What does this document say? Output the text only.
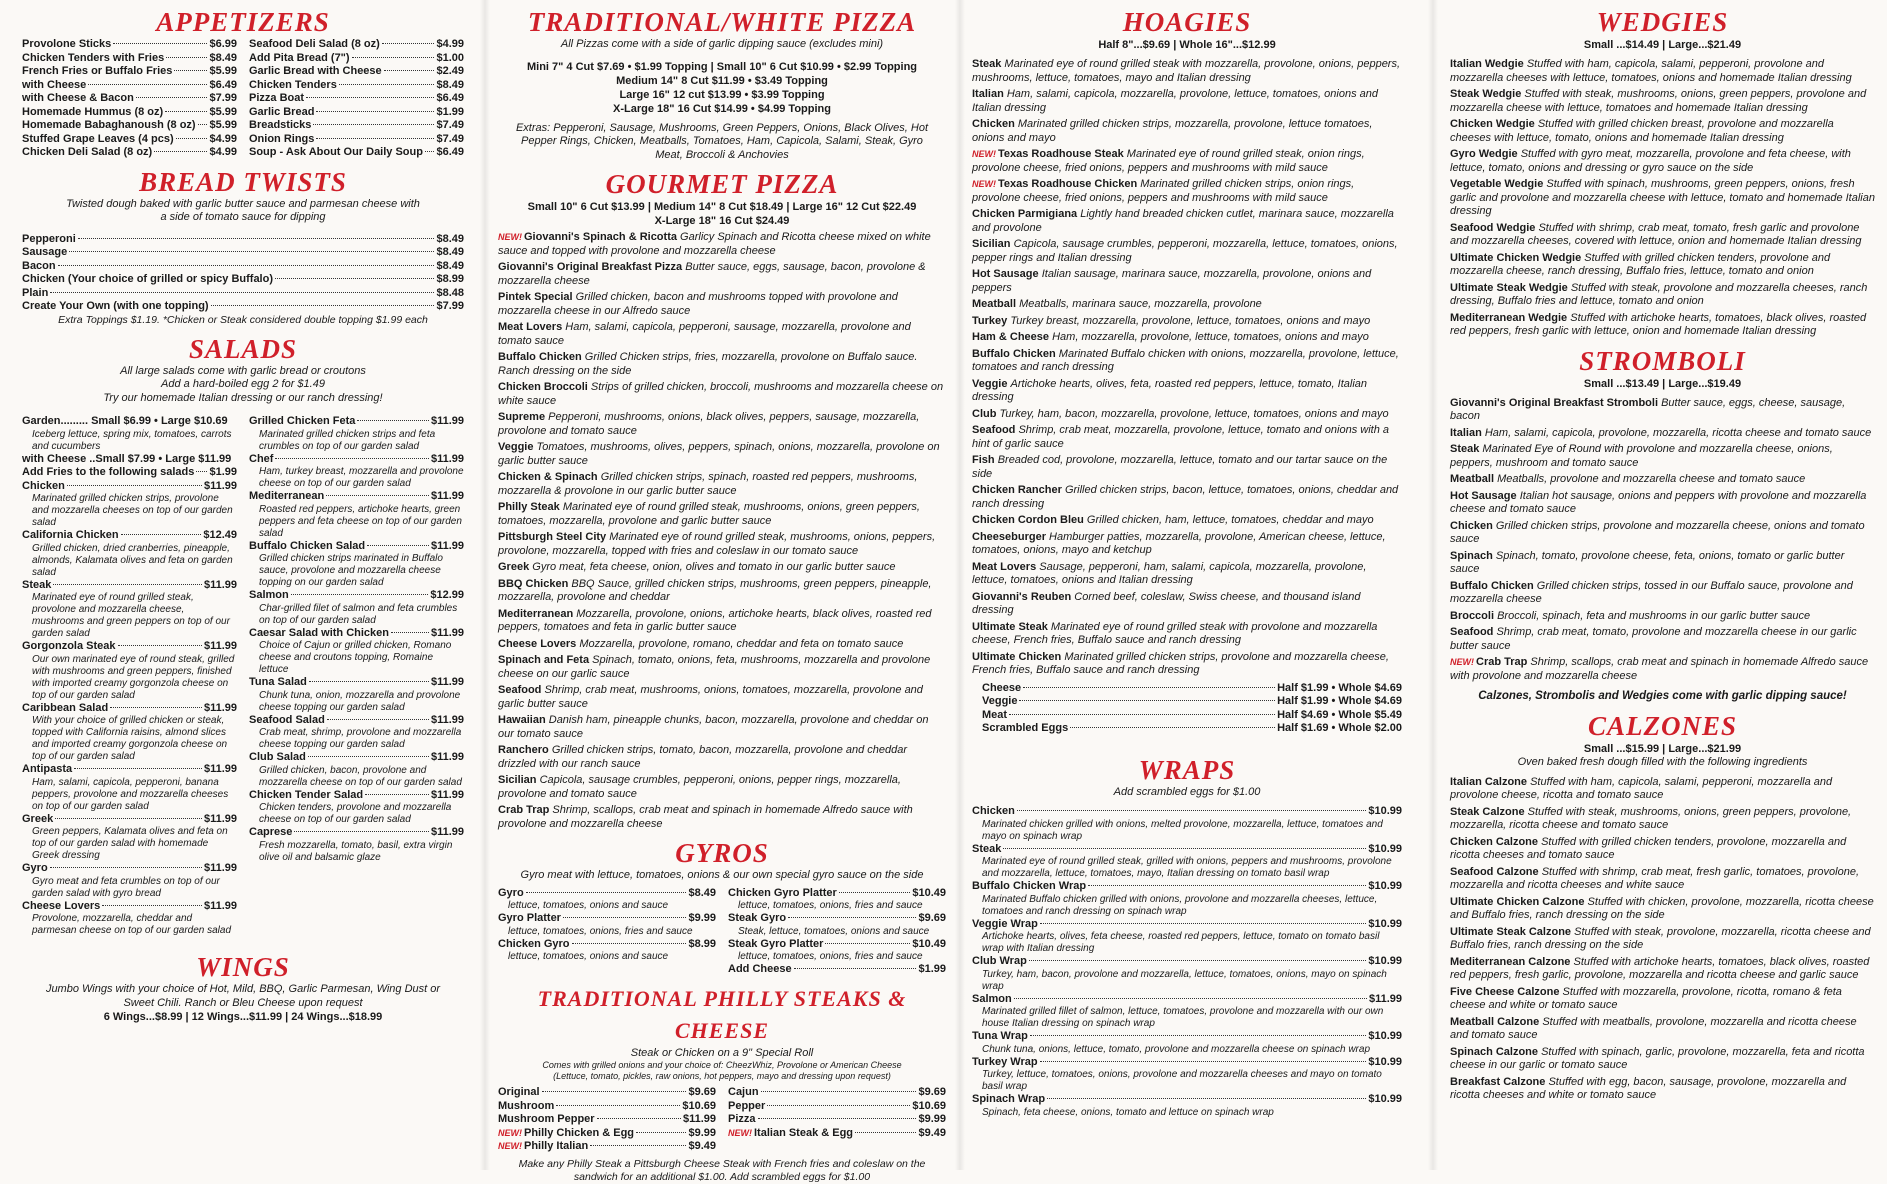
APPETIZERS
Provolone Sticks	$6.99
Chicken Tenders with Fries	$8.49
French Fries or Buffalo Fries	$5.99
with Cheese	$6.49
with Cheese & Bacon	$7.99
Homemade Hummus (8 oz)	$5.99
Homemade Babaghanoush (8 oz) $5.99
Stuffed Grape Leaves (4 pcs)	$4.99
Chicken Deli Salad (8 oz)	$4.99
Seafood Deli Salad (8 oz)	$4.99
Add Pita Bread (7")	$1.00
Garlic Bread with Cheese	$2.49
Chicken Tenders	$8.49
Pizza Boat	$6.49
Garlic Bread	$1.99
Breadsticks	$7.49
Onion Rings	$7.49
Soup - Ask About Our Daily Soup $6.49
BREAD TWISTS
Twisted dough baked with garlic butter sauce and parmesan cheese with a side of tomato sauce for dipping
Pepperoni	$8.49
Sausage	$8.49
Bacon	$8.49
Chicken (Your choice of grilled or spicy Buffalo)	$8.99
Plain	$8.48
Create Your Own (with one topping)	$7.99
Extra Toppings $1.19. *Chicken or Steak considered double topping $1.99 each
SALADS
All large salads come with garlic bread or croutons
Add a hard-boiled egg 2 for $1.49
Try our homemade Italian dressing or our ranch dressing!
Garden......... Small $6.99 • Large $10.69
Iceberg lettuce, spring mix, tomatoes, carrots and cucumbers
with Cheese ..Small $7.99 • Large $11.99
Add Fries to the following salads $1.99
Chicken	$11.99
Marinated grilled chicken strips, provolone and mozzarella cheeses on top of our garden salad
California Chicken	$12.49
Grilled chicken, dried cranberries, pineapple, almonds, Kalamata olives and feta on garden salad
Steak	$11.99
Marinated eye of round grilled steak, provolone and mozzarella cheese, mushrooms and green peppers on top of our garden salad
Gorgonzola Steak	$11.99
Our own marinated eye of round steak, grilled with mushrooms and green peppers, finished with imported creamy gorgonzola cheese on top of our garden salad
Caribbean Salad	$11.99
With your choice of grilled chicken or steak, topped with California raisins, almond slices and imported creamy gorgonzola cheese on top of our garden salad
Antipasta	$11.99
Ham, salami, capicola, pepperoni, banana peppers, provolone and mozzarella cheeses on top of our garden salad
Greek	$11.99
Green peppers, Kalamata olives and feta on top of our garden salad with homemade Greek dressing
Gyro	$11.99
Gyro meat and feta crumbles on top of our garden salad with gyro bread
Cheese Lovers	$11.99
Provolone, mozzarella, cheddar and parmesan cheese on top of our garden salad
Grilled Chicken Feta	$11.99
Marinated grilled chicken strips and feta crumbles on top of our garden salad
Chef	$11.99
Ham, turkey breast, mozzarella and provolone cheese on top of our garden salad
Mediterranean	$11.99
Roasted red peppers, artichoke hearts, green peppers and feta cheese on top of our garden salad
Buffalo Chicken Salad	$11.99
Grilled chicken strips marinated in Buffalo sauce, provolone and mozzarella cheese topping on our garden salad
Salmon	$12.99
Char-grilled filet of salmon and feta crumbles on top of our garden salad
Caesar Salad with Chicken	$11.99
Choice of Cajun or grilled chicken, Romano cheese and croutons topping, Romaine lettuce
Tuna Salad	$11.99
Chunk tuna, onion, mozzarella and provolone cheese topping our garden salad
Seafood Salad	$11.99
Crab meat, shrimp, provolone and mozzarella cheese topping our garden salad
Club Salad	$11.99
Grilled chicken, bacon, provolone and mozzarella cheese on top of our garden salad
Chicken Tender Salad	$11.99
Chicken tenders, provolone and mozzarella cheese on top of our garden salad
Caprese	$11.99
Fresh mozzarella, tomato, basil, extra virgin olive oil and balsamic glaze
WINGS
Jumbo Wings with your choice of Hot, Mild, BBQ, Garlic Parmesan, Wing Dust or Sweet Chili. Ranch or Bleu Cheese upon request
6 Wings...$8.99 | 12 Wings...$11.99 | 24 Wings...$18.99
TRADITIONAL/WHITE PIZZA
All Pizzas come with a side of garlic dipping sauce (excludes mini)
Mini 7" 4 Cut $7.69 • $1.99 Topping | Small 10" 6 Cut $10.99 • $2.99 Topping
Medium 14" 8 Cut $11.99 • $3.49 Topping
Large 16" 12 cut $13.99 • $3.99 Topping
X-Large 18" 16 Cut $14.99 • $4.99 Topping
Extras: Pepperoni, Sausage, Mushrooms, Green Peppers, Onions, Black Olives, Hot Pepper Rings, Chicken, Meatballs, Tomatoes, Ham, Capicola, Salami, Steak, Gyro Meat, Broccoli & Anchovies
GOURMET PIZZA
Small 10" 6 Cut $13.99 | Medium 14" 8 Cut $18.49 | Large 16" 12 Cut $22.49
X-Large 18" 16 Cut $24.49
NEW! Giovanni's Spinach & Ricotta Garlicy Spinach and Ricotta cheese mixed on white sauce and topped with provolone and mozzarella cheese
Giovanni's Original Breakfast Pizza Butter sauce, eggs, sausage, bacon, provolone & mozzarella cheese
Pintek Special Grilled chicken, bacon and mushrooms topped with provolone and mozzarella cheese in our Alfredo sauce
Meat Lovers Ham, salami, capicola, pepperoni, sausage, mozzarella, provolone and tomato sauce
Buffalo Chicken Grilled Chicken strips, fries, mozzarella, provolone on Buffalo sauce. Ranch dressing on the side
Chicken Broccoli Strips of grilled chicken, broccoli, mushrooms and mozzarella cheese on white sauce
Supreme Pepperoni, mushrooms, onions, black olives, peppers, sausage, mozzarella, provolone and tomato sauce
Veggie Tomatoes, mushrooms, olives, peppers, spinach, onions, mozzarella, provolone on garlic butter sauce
Chicken & Spinach Grilled chicken strips, spinach, roasted red peppers, mushrooms, mozzarella & provolone in our garlic butter sauce
Philly Steak Marinated eye of round grilled steak, mushrooms, onions, green peppers, tomatoes, mozzarella, provolone and garlic butter sauce
Pittsburgh Steel City Marinated eye of round grilled steak, mushrooms, onions, peppers, provolone, mozzarella, topped with fries and coleslaw in our tomato sauce
Greek Gyro meat, feta cheese, onion, olives and tomato in our garlic butter sauce
BBQ Chicken BBQ Sauce, grilled chicken strips, mushrooms, green peppers, pineapple, mozzarella, provolone and cheddar
Mediterranean Mozzarella, provolone, onions, artichoke hearts, black olives, roasted red peppers, tomatoes and feta in garlic butter sauce
Cheese Lovers Mozzarella, provolone, romano, cheddar and feta on tomato sauce
Spinach and Feta Spinach, tomato, onions, feta, mushrooms, mozzarella and provolone cheese on our garlic sauce
Seafood Shrimp, crab meat, mushrooms, onions, tomatoes, mozzarella, provolone and garlic butter sauce
Hawaiian Danish ham, pineapple chunks, bacon, mozzarella, provolone and cheddar on our tomato sauce
Ranchero Grilled chicken strips, tomato, bacon, mozzarella, provolone and cheddar drizzled with our ranch sauce
Sicilian Capicola, sausage crumbles, pepperoni, onions, pepper rings, mozzarella, provolone and tomato sauce
Crab Trap Shrimp, scallops, crab meat and spinach in homemade Alfredo sauce with provolone and mozzarella cheese
GYROS
Gyro meat with lettuce, tomatoes, onions & our own special gyro sauce on the side
Gyro	$8.49
lettuce, tomatoes, onions and sauce
Gyro Platter	$9.99
lettuce, tomatoes, onions, fries and sauce
Chicken Gyro	$8.99
lettuce, tomatoes, onions and sauce
Chicken Gyro Platter	$10.49
lettuce, tomatoes, onions, fries and sauce
Steak Gyro	$9.69
Steak, lettuce, tomatoes, onions and sauce
Steak Gyro Platter	$10.49
lettuce, tomatoes, onions, fries and sauce
Add Cheese	$1.99
TRADITIONAL PHILLY STEAKS & CHEESE
Steak or Chicken on a 9" Special Roll
Comes with grilled onions and your choice of: CheezWhiz, Provolone or American Cheese
(Lettuce, tomato, pickles, raw onions, hot peppers, mayo and dressing upon request)
Original	$9.69
Mushroom	$10.69
Mushroom Pepper	$11.99
NEW! Philly Chicken & Egg	$9.99
NEW! Philly Italian	$9.49
Cajun	$9.69
Pepper	$10.69
Pizza	$9.99
NEW! Italian Steak & Egg	$9.49
Make any Philly Steak a Pittsburgh Cheese Steak with French fries and coleslaw on the sandwich for an additional $1.00. Add scrambled eggs for $1.00
HOAGIES
Half 8"...$9.69 | Whole 16"...$12.99
Steak Marinated eye of round grilled steak with mozzarella, provolone, onions, peppers, mushrooms, lettuce, tomatoes, mayo and Italian dressing
Italian Ham, salami, capicola, mozzarella, provolone, lettuce, tomatoes, onions and Italian dressing
Chicken Marinated grilled chicken strips, mozzarella, provolone, lettuce tomatoes, onions and mayo
NEW! Texas Roadhouse Steak Marinated eye of round grilled steak, onion rings, provolone cheese, fried onions, peppers and mushrooms with mild sauce
NEW! Texas Roadhouse Chicken Marinated grilled chicken strips, onion rings, provolone cheese, fried onions, peppers and mushrooms with mild sauce
Chicken Parmigiana Lightly hand breaded chicken cutlet, marinara sauce, mozzarella and provolone
Sicilian Capicola, sausage crumbles, pepperoni, mozzarella, lettuce, tomatoes, onions, pepper rings and Italian dressing
Hot Sausage Italian sausage, marinara sauce, mozzarella, provolone, onions and peppers
Meatball Meatballs, marinara sauce, mozzarella, provolone
Turkey Turkey breast, mozzarella, provolone, lettuce, tomatoes, onions and mayo
Ham & Cheese Ham, mozzarella, provolone, lettuce, tomatoes, onions and mayo
Buffalo Chicken Marinated Buffalo chicken with onions, mozzarella, provolone, lettuce, tomatoes and ranch dressing
Veggie Artichoke hearts, olives, feta, roasted red peppers, lettuce, tomato, Italian dressing
Club Turkey, ham, bacon, mozzarella, provolone, lettuce, tomatoes, onions and mayo
Seafood Shrimp, crab meat, mozzarella, provolone, lettuce, tomato and onions with a hint of garlic sauce
Fish Breaded cod, provolone, mozzarella, lettuce, tomato and our tartar sauce on the side
Chicken Rancher Grilled chicken strips, bacon, lettuce, tomatoes, onions, cheddar and ranch dressing
Chicken Cordon Bleu Grilled chicken, ham, lettuce, tomatoes, cheddar and mayo
Cheeseburger Hamburger patties, mozzarella, provolone, American cheese, lettuce, tomatoes, onions, mayo and ketchup
Meat Lovers Sausage, pepperoni, ham, salami, capicola, mozzarella, provolone, lettuce, tomatoes, onions and Italian dressing
Giovanni's Reuben Corned beef, coleslaw, Swiss cheese, and thousand island dressing
Ultimate Steak Marinated eye of round grilled steak with provolone and mozzarella cheese, French fries, Buffalo sauce and ranch dressing
Ultimate Chicken Marinated grilled chicken strips, provolone and mozzarella cheese, French fries, Buffalo sauce and ranch dressing
Cheese	Half $1.99 • Whole $4.69
Veggie	Half $1.99 • Whole $4.69
Meat	Half $4.69 • Whole $5.49
Scrambled Eggs	Half $1.69 • Whole $2.00
WRAPS
Add scrambled eggs for $1.00
Chicken	$10.99
Marinated chicken grilled with onions, melted provolone, mozzarella, lettuce, tomatoes and mayo on spinach wrap
Steak	$10.99
Marinated eye of round grilled steak, grilled with onions, peppers and mushrooms, provolone and mozzarella, lettuce, tomatoes, mayo, Italian dressing on tomato basil wrap
Buffalo Chicken Wrap	$10.99
Marinated Buffalo chicken grilled with onions, provolone and mozzarella cheeses, lettuce, tomatoes and ranch dressing on spinach wrap
Veggie Wrap	$10.99
Artichoke hearts, olives, feta cheese, roasted red peppers, lettuce, tomato on tomato basil wrap with Italian dressing
Club Wrap	$10.99
Turkey, ham, bacon, provolone and mozzarella, lettuce, tomatoes, onions, mayo on spinach wrap
Salmon	$11.99
Marinated grilled fillet of salmon, lettuce, tomatoes, provolone and mozzarella with our own house Italian dressing on spinach wrap
Tuna Wrap	$10.99
Chunk tuna, onions, lettuce, tomato, provolone and mozzarella cheese on spinach wrap
Turkey Wrap	$10.99
Turkey, lettuce, tomatoes, onions, provolone and mozzarella cheeses and mayo on tomato basil wrap
Spinach Wrap	$10.99
Spinach, feta cheese, onions, tomato and lettuce on spinach wrap
WEDGIES
Small ...$14.49 | Large...$21.49
Italian Wedgie Stuffed with ham, capicola, salami, pepperoni, provolone and mozzarella cheeses with lettuce, tomatoes, onions and homemade Italian dressing
Steak Wedgie Stuffed with steak, mushrooms, onions, green peppers, provolone and mozzarella cheese with lettuce, tomatoes and homemade Italian dressing
Chicken Wedgie Stuffed with grilled chicken breast, provolone and mozzarella cheeses with lettuce, tomato, onions and homemade Italian dressing
Gyro Wedgie Stuffed with gyro meat, mozzarella, provolone and feta cheese, with lettuce, tomato, onions and dressing or gyro sauce on the side
Vegetable Wedgie Stuffed with spinach, mushrooms, green peppers, onions, fresh garlic and provolone and mozzarella cheese with lettuce, tomato and homemade Italian dressing
Seafood Wedgie Stuffed with shrimp, crab meat, tomato, fresh garlic and provolone and mozzarella cheeses, covered with lettuce, onion and homemade Italian dressing
Ultimate Chicken Wedgie Stuffed with grilled chicken tenders, provolone and mozzarella cheese, ranch dressing, Buffalo fries, lettuce, tomato and onion
Ultimate Steak Wedgie Stuffed with steak, provolone and mozzarella cheeses, ranch dressing, Buffalo fries and lettuce, tomato and onion
Mediterranean Wedgie Stuffed with artichoke hearts, tomatoes, black olives, roasted red peppers, fresh garlic with lettuce, onion and homemade Italian dressing
STROMBOLI
Small ...$13.49 | Large...$19.49
Giovanni's Original Breakfast Stromboli Butter sauce, eggs, cheese, sausage, bacon
Italian Ham, salami, capicola, provolone, mozzarella, ricotta cheese and tomato sauce
Steak Marinated Eye of Round with provolone and mozzarella cheese, onions, peppers, mushroom and tomato sauce
Meatball Meatballs, provolone and mozzarella cheese and tomato sauce
Hot Sausage Italian hot sausage, onions and peppers with provolone and mozzarella cheese and tomato sauce
Chicken Grilled chicken strips, provolone and mozzarella cheese, onions and tomato sauce
Spinach Spinach, tomato, provolone cheese, feta, onions, tomato or garlic butter sauce
Buffalo Chicken Grilled chicken strips, tossed in our Buffalo sauce, provolone and mozzarella cheese
Broccoli Broccoli, spinach, feta and mushrooms in our garlic butter sauce
Seafood Shrimp, crab meat, tomato, provolone and mozzarella cheese in our garlic butter sauce
NEW! Crab Trap Shrimp, scallops, crab meat and spinach in homemade Alfredo sauce with provolone and mozzarella cheese
Calzones, Strombolis and Wedgies come with garlic dipping sauce!
CALZONES
Small ...$15.99 | Large...$21.99
Oven baked fresh dough filled with the following ingredients
Italian Calzone Stuffed with ham, capicola, salami, pepperoni, mozzarella and provolone cheese, ricotta and tomato sauce
Steak Calzone Stuffed with steak, mushrooms, onions, green peppers, provolone, mozzarella, ricotta cheese and tomato sauce
Chicken Calzone Stuffed with grilled chicken tenders, provolone, mozzarella and ricotta cheeses and tomato sauce
Seafood Calzone Stuffed with shrimp, crab meat, fresh garlic, tomatoes, provolone, mozzarella and ricotta cheeses and white sauce
Ultimate Chicken Calzone Stuffed with chicken, provolone, mozzarella, ricotta cheese and Buffalo fries, ranch dressing on the side
Ultimate Steak Calzone Stuffed with steak, provolone, mozzarella, ricotta cheese and Buffalo fries, ranch dressing on the side
Mediterranean Calzone Stuffed with artichoke hearts, tomatoes, black olives, roasted red peppers, fresh garlic, provolone, mozzarella and ricotta cheese and garlic sauce
Five Cheese Calzone Stuffed with mozzarella, provolone, ricotta, romano & feta cheese and white or tomato sauce
Meatball Calzone Stuffed with meatballs, provolone, mozzarella and ricotta cheese and tomato sauce
Spinach Calzone Stuffed with spinach, garlic, provolone, mozzarella, feta and ricotta cheese in our garlic or tomato sauce
Breakfast Calzone Stuffed with egg, bacon, sausage, provolone, mozzarella and ricotta cheeses and white or tomato sauce
